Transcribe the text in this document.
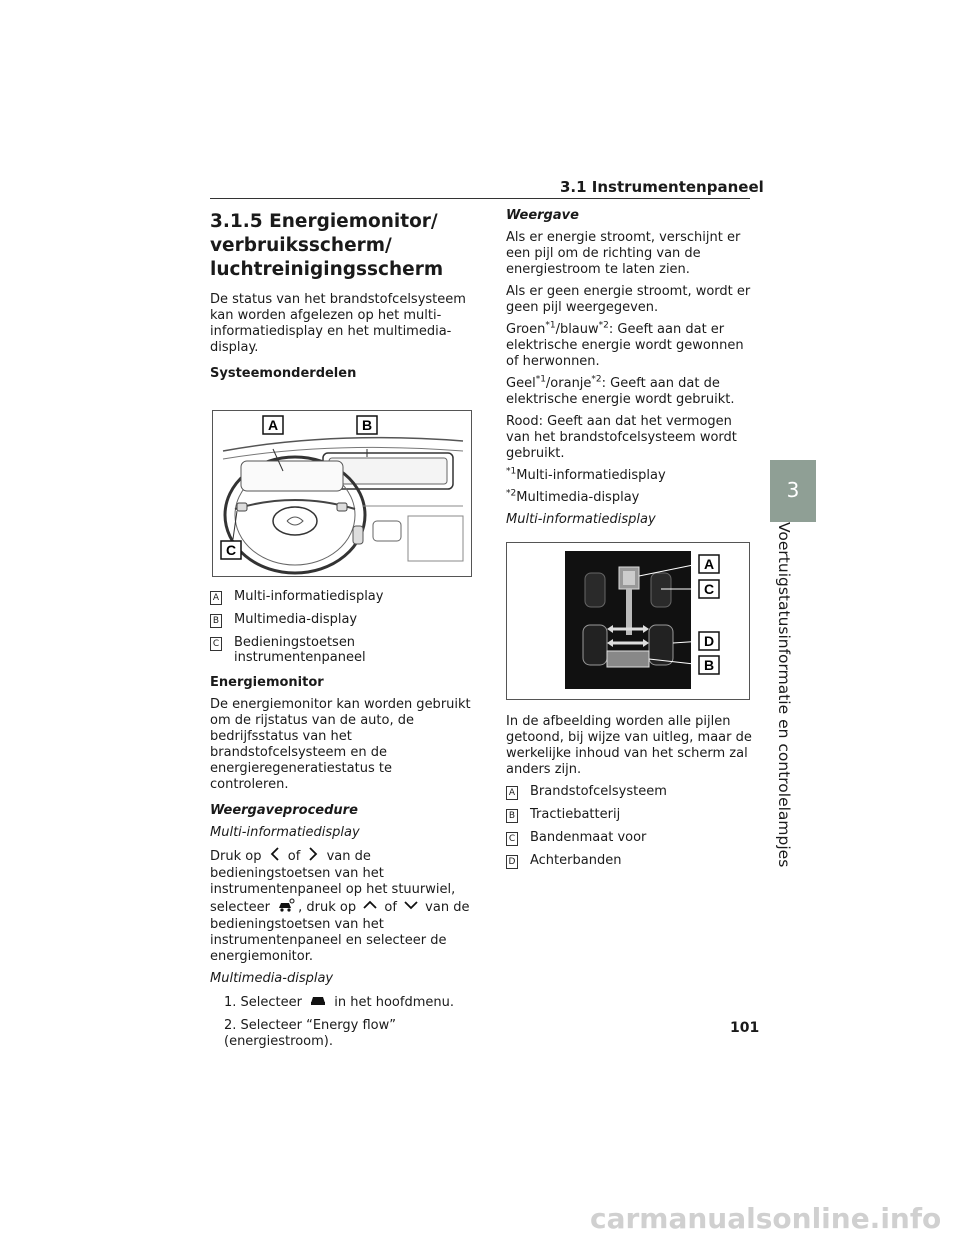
3.1 Instrumentenpaneel
3
Voertuigstatusinformatie en controlelampjes
3.1.5 Energiemonitor/ verbruiksscherm/ luchtreinigingsscherm

De status van het brandstofcelsysteem kan worden afgelezen op het multi-informatiedisplay en het multimedia-display.

Systeemonderdelen

A	B
C
A Multi-informatiedisplay
B Multimedia-display
C Bedieningstoetsen instrumentenpaneel

Energiemonitor

De energiemonitor kan worden gebruikt om de rijstatus van de auto, de bedrijfsstatus van het brandstofcelsysteem en de energieregeneratiestatus te controleren.

Weergaveprocedure

Multi-informatiedisplay

Druk op of van de bedieningstoetsen van het instrumentenpaneel op het stuurwiel, selecteer , druk op of van de bedieningstoetsen van het instrumentenpaneel en selecteer de energiemonitor.

Multimedia-display

1. Selecteer in het hoofdmenu.

2. Selecteer “Energy flow” (energiestroom).

Weergave

Als er energie stroomt, verschijnt er een pijl om de richting van de energiestroom te laten zien.

Als er geen energie stroomt, wordt er geen pijl weergegeven.

Groen$^{*1}$/blauw$^{*2}$: Geeft aan dat er elektrische energie wordt gewonnen of herwonnen.

Geel$^{*1}$/oranje$^{*2}$: Geeft aan dat de elektrische energie wordt gebruikt.

Rood: Geeft aan dat het vermogen van het brandstofcelsysteem wordt gebruikt.

$^{*1}$Multi-informatiedisplay

$^{*2}$Multimedia-display

Multi-informatiedisplay

A
C
D
B

In de afbeelding worden alle pijlen getoond, bij wijze van uitleg, maar de werkelijke inhoud van het scherm zal anders zijn.

A Brandstofcelsysteem
B Tractiebatterij
C Bandenmaat voor
D Achterbanden
101
carmanualsonline.info
